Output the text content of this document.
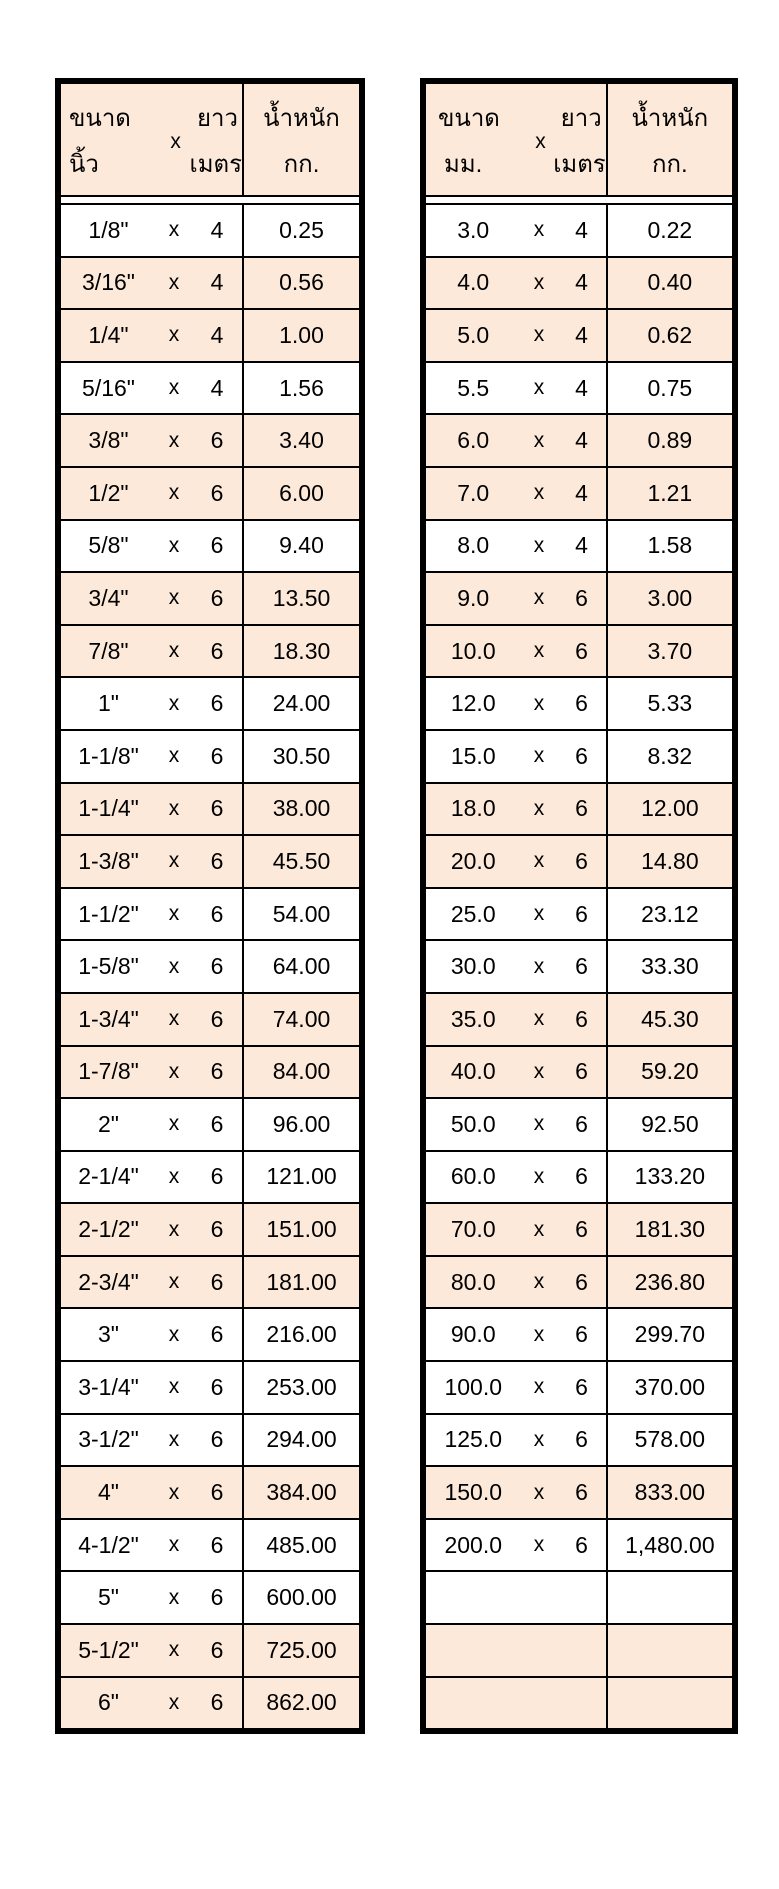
ขนาด
นิ้ว	x	ยาว
เมตร	น้ำหนัก
กก.

1/8"	x	4	0.25
3/16"	x	4	0.56
1/4"	x	4	1.00
5/16"	x	4	1.56
3/8"	x	6	3.40
1/2"	x	6	6.00
5/8"	x	6	9.40
3/4"	x	6	13.50
7/8"	x	6	18.30
1"	x	6	24.00
1-1/8"	x	6	30.50
1-1/4"	x	6	38.00
1-3/8"	x	6	45.50
1-1/2"	x	6	54.00
1-5/8"	x	6	64.00
1-3/4"	x	6	74.00
1-7/8"	x	6	84.00
2"	x	6	96.00
2-1/4"	x	6	121.00
2-1/2"	x	6	151.00
2-3/4"	x	6	181.00
3"	x	6	216.00
3-1/4"	x	6	253.00
3-1/2"	x	6	294.00
4"	x	6	384.00
4-1/2"	x	6	485.00
5"	x	6	600.00
5-1/2"	x	6	725.00
6"	x	6	862.00
ขนาด
มม.	x	ยาว
เมตร	น้ำหนัก
กก.

3.0	x	4	0.22
4.0	x	4	0.40
5.0	x	4	0.62
5.5	x	4	0.75
6.0	x	4	0.89
7.0	x	4	1.21
8.0	x	4	1.58
9.0	x	6	3.00
10.0	x	6	3.70
12.0	x	6	5.33
15.0	x	6	8.32
18.0	x	6	12.00
20.0	x	6	14.80
25.0	x	6	23.12
30.0	x	6	33.30
35.0	x	6	45.30
40.0	x	6	59.20
50.0	x	6	92.50
60.0	x	6	133.20
70.0	x	6	181.30
80.0	x	6	236.80
90.0	x	6	299.70
100.0	x	6	370.00
125.0	x	6	578.00
150.0	x	6	833.00
200.0	x	6	1,480.00
